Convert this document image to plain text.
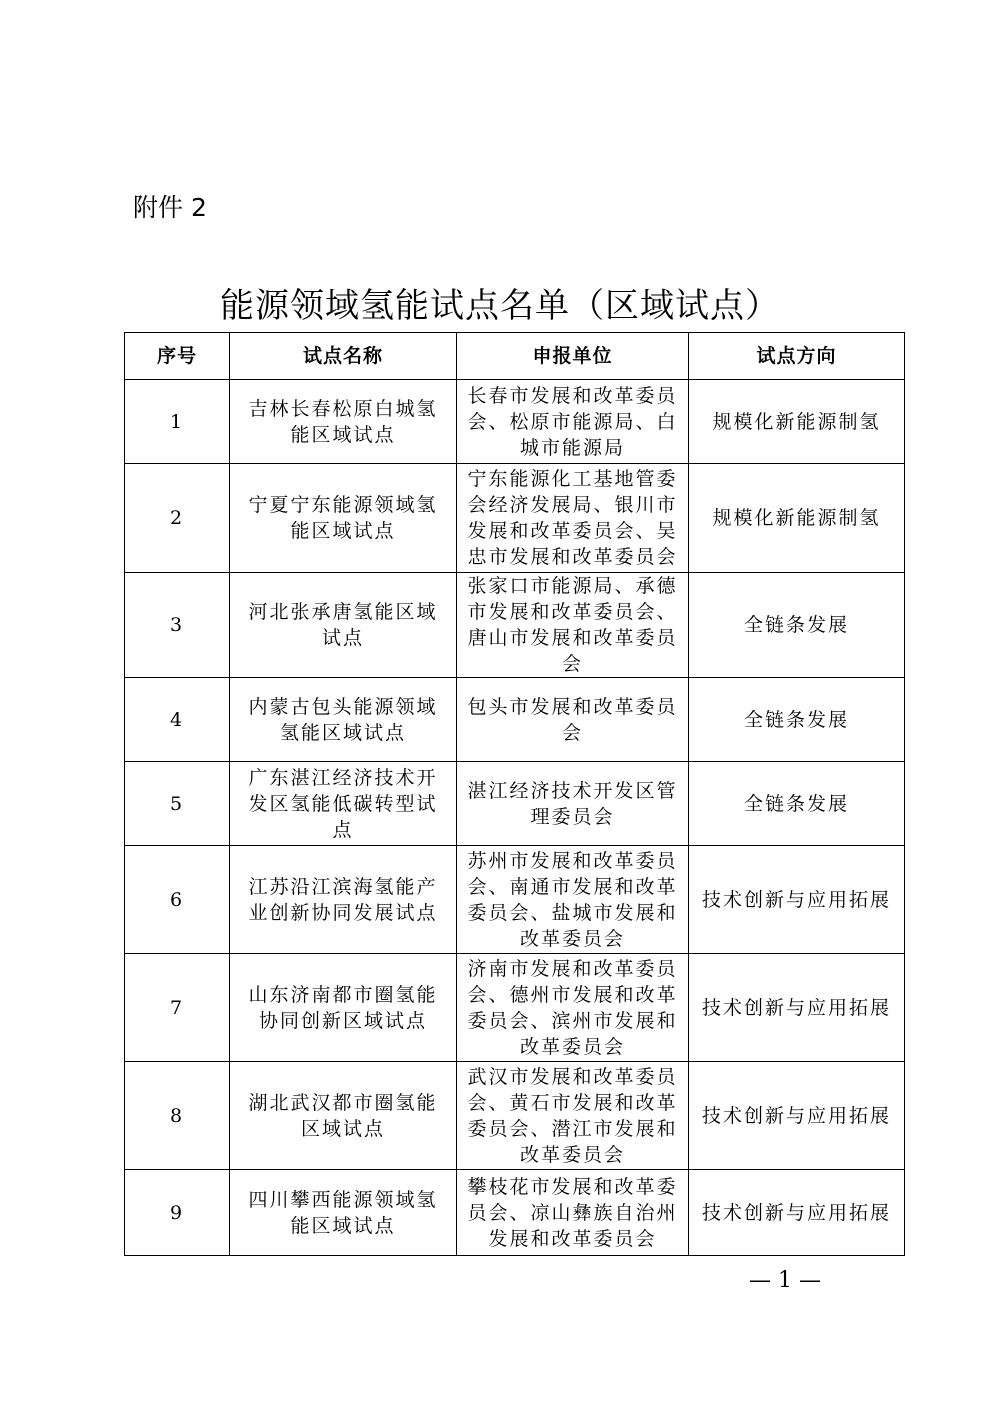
附件 2
能源领域氢能试点名单（区域试点）
序号	试点名称	申报单位	试点方向
1	吉林长春松原白城氢能区域试点	长春市发展和改革委员会、松原市能源局、白城市能源局	规模化新能源制氢
2	宁夏宁东能源领域氢能区域试点	宁东能源化工基地管委会经济发展局、银川市发展和改革委员会、吴忠市发展和改革委员会	规模化新能源制氢
3	河北张承唐氢能区域试点	张家口市能源局、承德市发展和改革委员会、唐山市发展和改革委员会	全链条发展
4	内蒙古包头能源领域氢能区域试点	包头市发展和改革委员会	全链条发展
5	广东湛江经济技术开发区氢能低碳转型试点	湛江经济技术开发区管理委员会	全链条发展
6	江苏沿江滨海氢能产业创新协同发展试点	苏州市发展和改革委员会、南通市发展和改革委员会、盐城市发展和改革委员会	技术创新与应用拓展
7	山东济南都市圈氢能协同创新区域试点	济南市发展和改革委员会、德州市发展和改革委员会、滨州市发展和改革委员会	技术创新与应用拓展
8	湖北武汉都市圈氢能区域试点	武汉市发展和改革委员会、黄石市发展和改革委员会、潜江市发展和改革委员会	技术创新与应用拓展
9	四川攀西能源领域氢能区域试点	攀枝花市发展和改革委员会、凉山彝族自治州发展和改革委员会	技术创新与应用拓展
— 1 —
